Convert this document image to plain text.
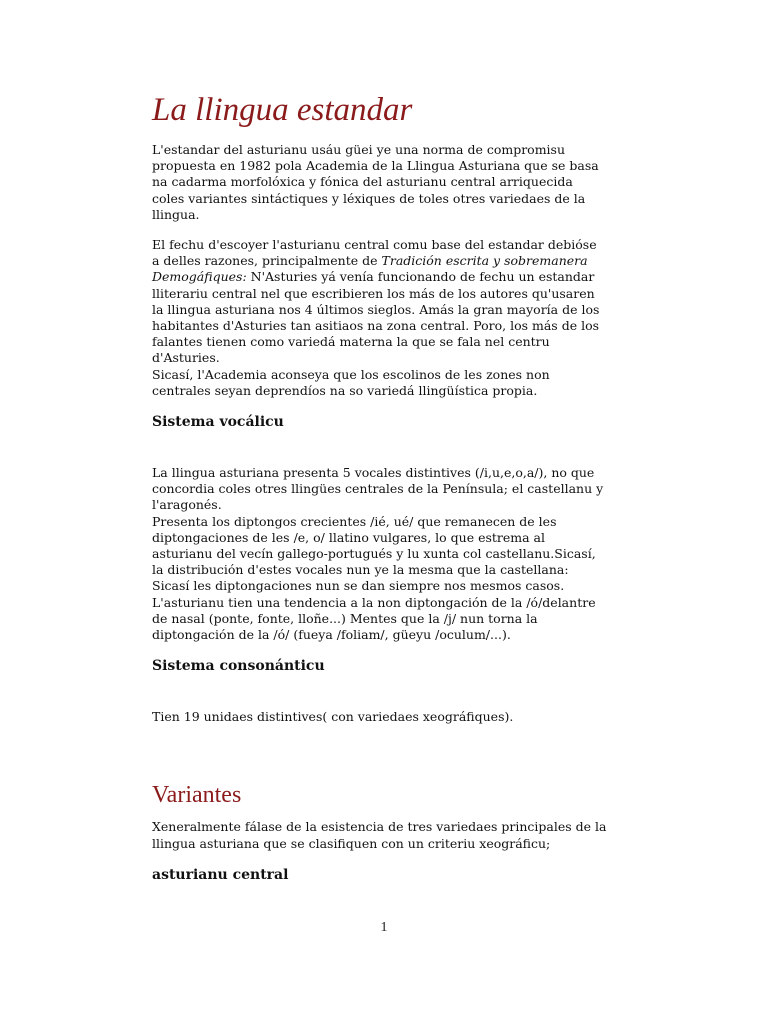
La llingua estandar

L'estandar del asturianu usáu güei ye una norma de compromisu
propuesta en 1982 pola Academia de la Llingua Asturiana que se basa
na cadarma morfolóxica y fónica del asturianu central arriquecida
coles variantes sintáctiques y léxiques de toles otres variedaes de la
llingua.

El fechu d'escoyer l'asturianu central comu base del estandar debióse
a delles razones, principalmente de Tradición escrita y sobremanera
Demogáfiques: N'Asturies yá venía funcionando de fechu un estandar
lliterariu central nel que escribieren los más de los autores qu'usaren
la llingua asturiana nos 4 últimos sieglos. Amás la gran mayoría de los
habitantes d'Asturies tan asitiaos na zona central. Poro, los más de los
falantes tienen como variedá materna la que se fala nel centru
d'Asturies.
Sicasí, l'Academia aconseya que los escolinos de les zones non
centrales seyan deprendíos na so variedá llingüística propia.

Sistema vocálicu

La llingua asturiana presenta 5 vocales distintives (/i,u,e,o,a/), no que
concordia coles otres llingües centrales de la Península; el castellanu y
l'aragonés.
Presenta los diptongos crecientes /ié, ué/ que remanecen de les
diptongaciones de les /e, o/ llatino vulgares, lo que estrema al
asturianu del vecín gallego-portugués y lu xunta col castellanu.Sicasí,
la distribución d'estes vocales nun ye la mesma que la castellana:
Sicasí les diptongaciones nun se dan siempre nos mesmos casos.
L'asturianu tien una tendencia a la non diptongación de la /ó/delantre
de nasal (ponte, fonte, lloñe...) Mentes que la /j/ nun torna la
diptongación de la /ó/ (fueya /foliam/, güeyu /oculum/...).

Sistema consonánticu

Tien 19 unidaes distintives( con variedaes xeográfiques).

Variantes

Xeneralmente fálase de la esistencia de tres variedaes principales de la
llingua asturiana que se clasifiquen con un criteriu xeográficu;

asturianu central
1
